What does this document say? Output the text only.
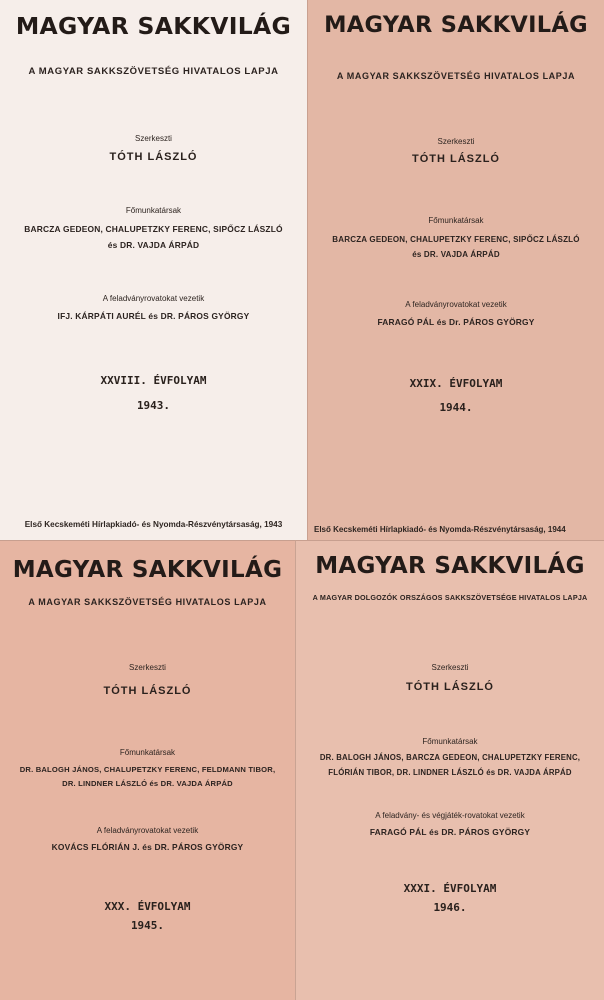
MAGYAR SAKKVILÁG
A MAGYAR SAKKSZÖVETSÉG HIVATALOS LAPJA
Szerkeszti
TÓTH LÁSZLÓ
Főmunkatársak
BARCZA GEDEON, CHALUPETZKY FERENC, SIPŐCZ LÁSZLÓ
és DR. VAJDA ÁRPÁD
A feladványrovatokat vezetik
IFJ. KÁRPÁTI AURÉL és DR. PÁROS GYÖRGY
XXVIII. ÉVFOLYAM
1943.
Első Kecskeméti Hírlapkiadó- és Nyomda-Részvénytársaság, 1943
MAGYAR SAKKVILÁG
A MAGYAR SAKKSZÖVETSÉG HIVATALOS LAPJA
Szerkeszti
TÓTH LÁSZLÓ
Főmunkatársak
BARCZA GEDEON, CHALUPETZKY FERENC, SIPŐCZ LÁSZLÓ
és DR. VAJDA ÁRPÁD
A feladványrovatokat vezetik
FARAGÓ PÁL és Dr. PÁROS GYÖRGY
XXIX. ÉVFOLYAM
1944.
Első Kecskeméti Hírlapkiadó- és Nyomda-Részvénytársaság, 1944
MAGYAR SAKKVILÁG
A MAGYAR SAKKSZÖVETSÉG HIVATALOS LAPJA
Szerkeszti
TÓTH LÁSZLÓ
Főmunkatársak
DR. BALOGH JÁNOS, CHALUPETZKY FERENC, FELDMANN TIBOR,
DR. LINDNER LÁSZLÓ és DR. VAJDA ÁRPÁD
A feladványrovatokat vezetik
KOVÁCS FLÓRIÁN J. és DR. PÁROS GYÖRGY
XXX. ÉVFOLYAM
1945.
MAGYAR SAKKVILÁG
A MAGYAR DOLGOZÓK ORSZÁGOS SAKKSZÖVETSÉGE HIVATALOS LAPJA
Szerkeszti
TÓTH LÁSZLÓ
Főmunkatársak
DR. BALOGH JÁNOS, BARCZA GEDEON, CHALUPETZKY FERENC,
FLÓRIÁN TIBOR, DR. LINDNER LÁSZLÓ és DR. VAJDA ÁRPÁD
A feladvány- és végjáték-rovatokat vezetik
FARAGÓ PÁL és DR. PÁROS GYÖRGY
XXXI. ÉVFOLYAM
1946.
